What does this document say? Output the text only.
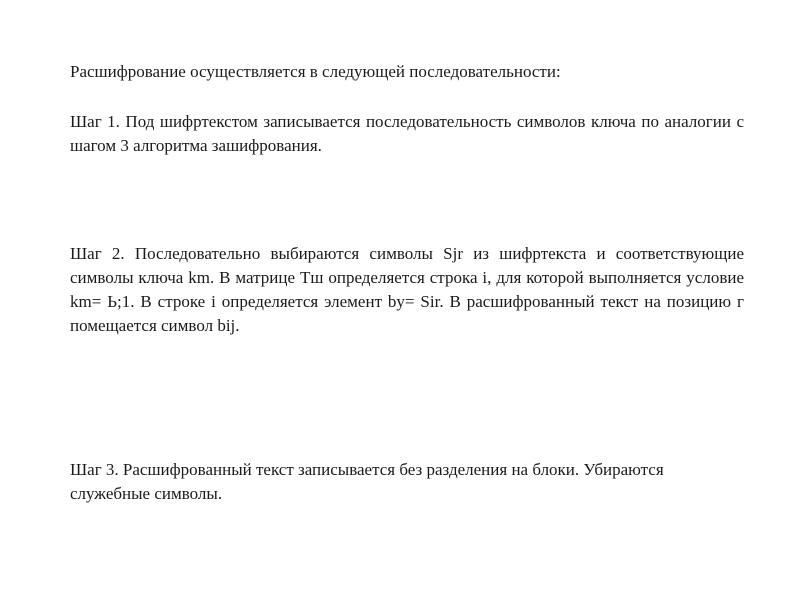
Расшифрование осуществляется в следующей последовательности:

Шаг 1. Под шифртекстом записывается последовательность символов ключа по аналогии с шагом 3 алгоритма зашифрования.

Шаг 2. Последовательно выбираются символы Sjr из шифртекста и соответствующие символы ключа km. В матрице Тш определяется строка i, для которой выполняется условие km= Ь;1. В строке i определяется элемент by= Sir. В расшифрованный текст на позицию г помещается символ bij.

Шаг 3. Расшифрованный текст записывается без разделения на блоки. Убираются служебные символы.
